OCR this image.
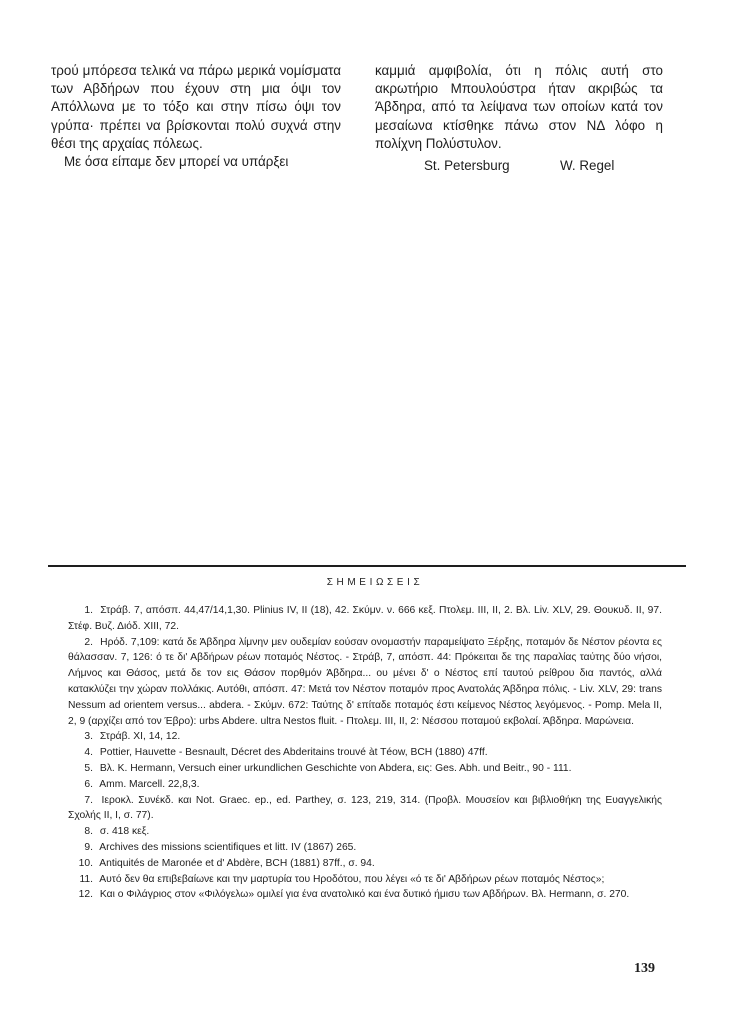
τρού μπόρεσα τελικά να πάρω μερικά νομίσματα των Αβδήρων που έχουν στη μια όψι τον Απόλλωνα με το τόξο και στην πίσω όψι τον γρύπα· πρέπει να βρίσκονται πολύ συχνά στην θέσι της αρχαίας πόλεως.

Με όσα είπαμε δεν μπορεί να υπάρξει

καμμιά αμφιβολία, ότι η πόλις αυτή στο ακρωτήριο Μπουλούστρα ήταν ακριβώς τα Άβδηρα, από τα λείψανα των οποίων κατά τον μεσαίωνα κτίσθηκε πάνω στον ΝΔ λόφο η πολίχνη Πολύστυλον.

St. Petersburg	W. Regel
ΣΗΜΕΙΩΣΕΙΣ

1. Στράβ. 7, απόσπ. 44,47/14,1,30. Plinius IV, II (18), 42. Σκύμν. ν. 666 κεξ. Πτολεμ. III, II, 2. Βλ. Liv. XLV, 29. Θουκυδ. II, 97. Στέφ. Βυζ. Διόδ. XIII, 72.

2. Ηρόδ. 7,109: κατά δε Άβδηρα λίμνην μεν ουδεμίαν εούσαν ονομαστήν παραμείψατο Ξέρξης, ποταμόν δε Νέστον ρέοντα ες θάλασσαν. 7, 126: ό τε δι' Αβδήρων ρέων ποταμός Νέστος. - Στράβ, 7, απόσπ. 44: Πρόκειται δε της παραλίας ταύτης δύο νήσοι, Λήμνος και Θάσος, μετά δε τον εις Θάσον πορθμόν Άβδηρα... ου μένει δ' ο Νέστος επί ταυτού ρείθρου δια παντός, αλλά κατακλύζει την χώραν πολλάκις. Αυτόθι, απόσπ. 47: Μετά τον Νέστον ποταμόν προς Ανατολάς Άβδηρα πόλις. - Liv. XLV, 29: trans Nessum ad orientem versus... abdera. - Σκύμν. 672: Ταύτης δ' επίταδε ποταμός έστι κείμενος Νέστος λεγόμενος. - Pomp. Mela II, 2, 9 (αρχίζει από τον Έβρο): urbs Abdere. ultra Nestos fluit. - Πτολεμ. III, II, 2: Νέσσου ποταμού εκβολαί. Άβδηρα. Μαρώνεια.

3. Στράβ. XI, 14, 12.

4. Pottier, Hauvette - Besnault, Décret des Abderitains trouvé àt Téow, BCH (1880) 47ff.

5. Βλ. K. Hermann, Versuch einer urkundlichen Geschichte von Abdera, εις: Ges. Abh. und Beitr., 90 - 111.

6. Amm. Marcell. 22,8,3.

7. Ιεροκλ. Συνέκδ. και Not. Graec. ep., ed. Parthey, σ. 123, 219, 314. (Προβλ. Μουσείον και βιβλιοθήκη της Ευαγγελικής Σχολής II, I, σ. 77).

8. σ. 418 κεξ.

9. Archives des missions scientifiques et litt. IV (1867) 265.

10. Antiquités de Maronée et d' Abdère, BCH (1881) 87ff., σ. 94.

11. Αυτό δεν θα επιβεβαίωνε και την μαρτυρία του Ηροδότου, που λέγει «ό τε δι' Αβδήρων ρέων ποταμός Νέστος»;

12. Και ο Φιλάγριος στον «Φιλόγελω» ομιλεί για ένα ανατολικό και ένα δυτικό ήμισυ των Αβδήρων. Βλ. Hermann, σ. 270.

139
